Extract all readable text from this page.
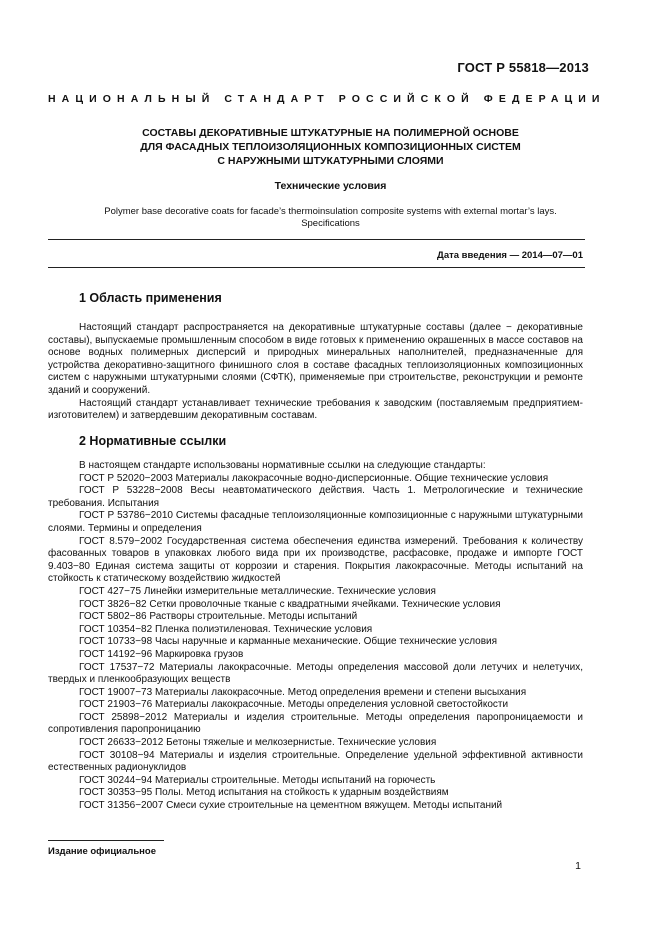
ГОСТ Р 55818—2013
НАЦИОНАЛЬНЫЙ СТАНДАРТ РОССИЙСКОЙ ФЕДЕРАЦИИ
СОСТАВЫ ДЕКОРАТИВНЫЕ ШТУКАТУРНЫЕ НА ПОЛИМЕРНОЙ ОСНОВЕ
ДЛЯ ФАСАДНЫХ ТЕПЛОИЗОЛЯЦИОННЫХ КОМПОЗИЦИОННЫХ СИСТЕМ
С НАРУЖНЫМИ ШТУКАТУРНЫМИ СЛОЯМИ
Технические условия
Polymer base decorative coats for facade’s thermoinsulation composite systems with external mortar’s lays.
Specifications
Дата введения — 2014—07—01
1 Область применения
Настоящий стандарт распространяется на декоративные штукатурные составы (далее − декоративные составы), выпускаемые промышленным способом в виде готовых к применению окрашенных в массе составов на основе водных полимерных дисперсий и природных минеральных наполнителей, предназначенные для устройства декоративно-защитного финишного слоя в составе фасадных теплоизоляционных композиционных систем с наружными штукатурными слоями (СФТК), применяемые при строительстве, реконструкции и ремонте зданий и сооружений.
Настоящий стандарт устанавливает технические требования к заводским (поставляемым предприятием-изготовителем) и затвердевшим декоративным составам.
2 Нормативные ссылки
В настоящем стандарте использованы нормативные ссылки на следующие стандарты:
ГОСТ Р 52020−2003 Материалы лакокрасочные водно-дисперсионные. Общие технические условия
ГОСТ Р 53228−2008 Весы неавтоматического действия. Часть 1. Метрологические и технические требования. Испытания
ГОСТ Р 53786−2010 Системы фасадные теплоизоляционные композиционные с наружными штукатурными слоями. Термины и определения
ГОСТ 8.579−2002 Государственная система обеспечения единства измерений. Требования к количеству фасованных товаров в упаковках любого вида при их производстве, расфасовке, продаже и импорте ГОСТ 9.403−80 Единая система защиты от коррозии и старения. Покрытия лакокрасочные. Методы испытаний на стойкость к статическому воздействию жидкостей
ГОСТ 427−75 Линейки измерительные металлические. Технические условия
ГОСТ 3826−82 Сетки проволочные тканые с квадратными ячейками. Технические условия
ГОСТ 5802−86 Растворы строительные. Методы испытаний
ГОСТ 10354−82 Пленка полиэтиленовая. Технические условия
ГОСТ 10733−98 Часы наручные и карманные механические. Общие технические условия
ГОСТ 14192−96 Маркировка грузов
ГОСТ 17537−72 Материалы лакокрасочные. Методы определения массовой доли летучих и нелетучих, твердых и пленкообразующих веществ
ГОСТ 19007−73 Материалы лакокрасочные. Метод определения времени и степени высыхания
ГОСТ 21903−76 Материалы лакокрасочные. Методы определения условной светостойкости
ГОСТ 25898−2012 Материалы и изделия строительные. Методы определения паропроницаемости и сопротивления паропроницанию
ГОСТ 26633−2012 Бетоны тяжелые и мелкозернистые. Технические условия
ГОСТ 30108−94 Материалы и изделия строительные. Определение удельной эффективной активности естественных радионуклидов
ГОСТ 30244−94 Материалы строительные. Методы испытаний на горючесть
ГОСТ 30353−95 Полы. Метод испытания на стойкость к ударным воздействиям
ГОСТ 31356−2007 Смеси сухие строительные на цементном вяжущем. Методы испытаний
Издание официальное
1
